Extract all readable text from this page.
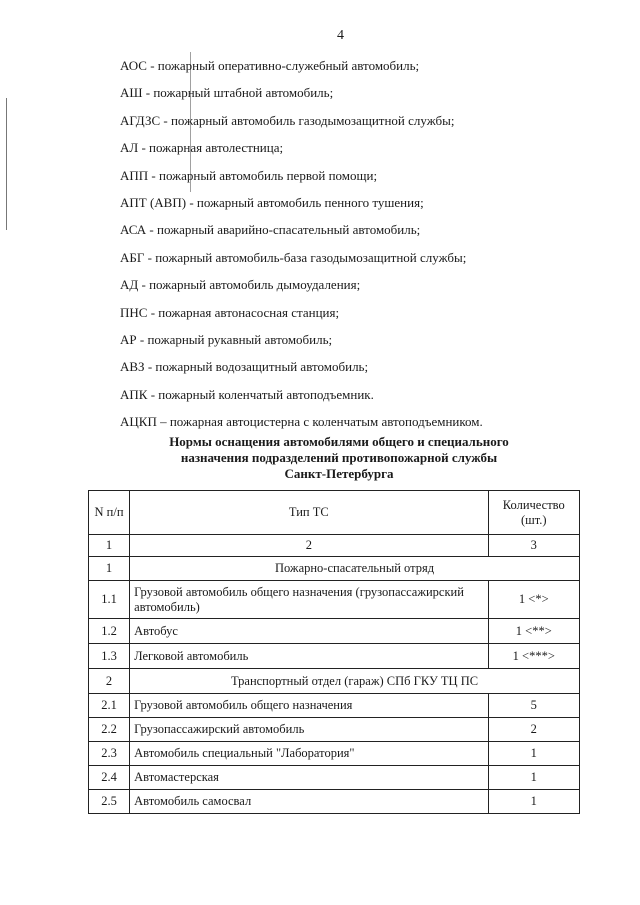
4
АОС - пожарный оперативно-служебный автомобиль;
АШ - пожарный штабной автомобиль;
АГДЗС - пожарный автомобиль газодымозащитной службы;
АЛ - пожарная автолестница;
АПП - пожарный автомобиль первой помощи;
АПТ (АВП) - пожарный автомобиль пенного тушения;
АСА - пожарный аварийно-спасательный автомобиль;
АБГ - пожарный автомобиль-база газодымозащитной службы;
АД - пожарный автомобиль дымоудаления;
ПНС - пожарная автонасосная станция;
АР - пожарный рукавный автомобиль;
АВЗ - пожарный водозащитный автомобиль;
АПК - пожарный коленчатый автоподъемник.
АЦКП – пожарная автоцистерна с коленчатым автоподъемником.
Нормы оснащения автомобилями общего и специального
назначения подразделений противопожарной службы
Санкт-Петербурга
N п/п	Тип ТС	Количество
(шт.)

1	2	3
1	Пожарно-спасательный отряд	
1.1	Грузовой автомобиль общего назначения (грузопассажирский
автомобиль)	1 <*>
1.2	Автобус	1 <**>
1.3	Легковой автомобиль	1 <***>
2	Транспортный отдел (гараж) СПб ГКУ ТЦ ПС	
2.1	Грузовой автомобиль общего назначения	5
2.2	Грузопассажирский автомобиль	2
2.3	Автомобиль специальный "Лаборатория"	1
2.4	Автомастерская	1
2.5	Автомобиль самосвал	1
